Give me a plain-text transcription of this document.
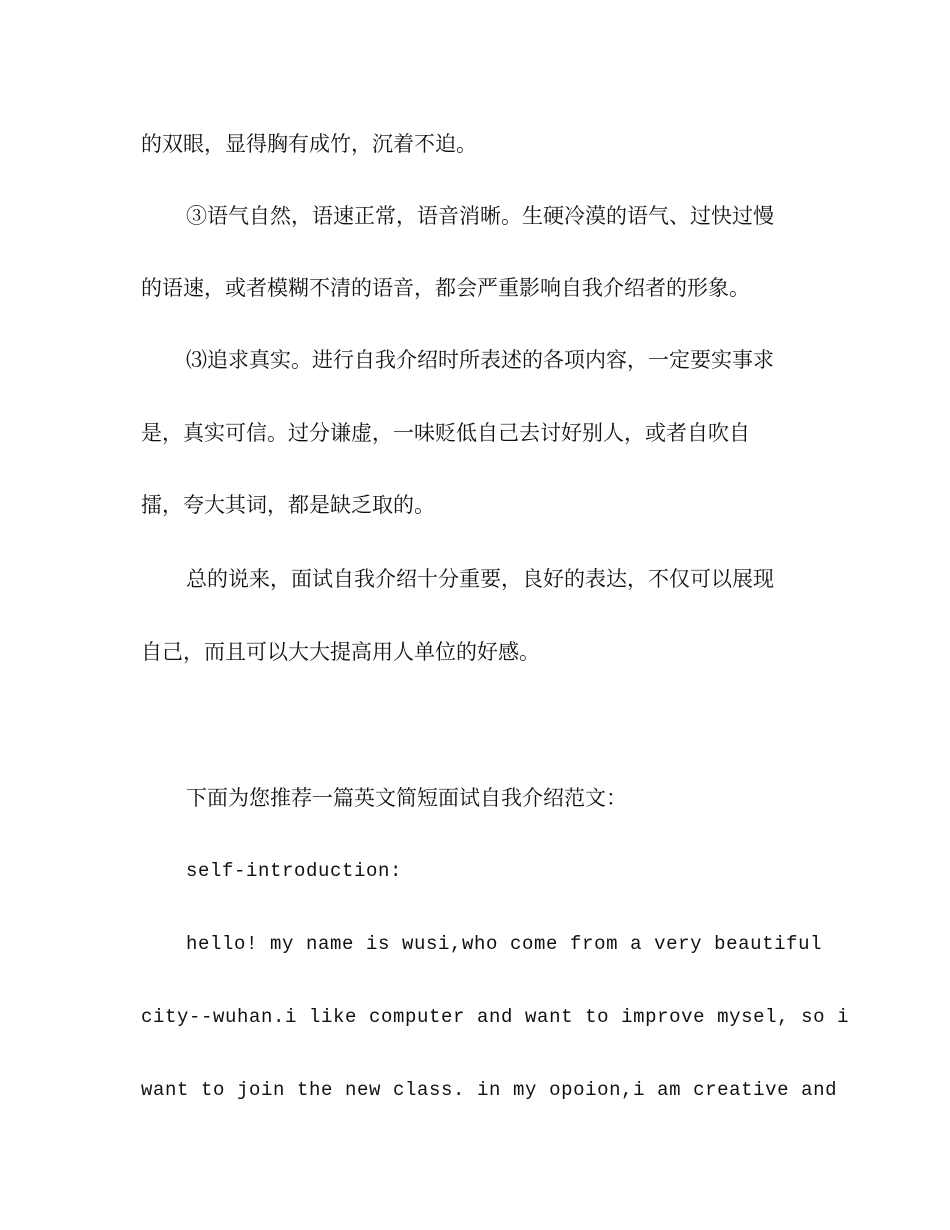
的双眼，显得胸有成竹，沉着不迫。
③语气自然，语速正常，语音消晰。生硬冷漠的语气、过快过慢
的语速，或者模糊不清的语音，都会严重影响自我介绍者的形象。
⑶追求真实。进行自我介绍时所表述的各项内容，一定要实事求
是，真实可信。过分谦虚，一味贬低自己去讨好别人，或者自吹自
擂，夸大其词，都是缺乏取的。
总的说来，面试自我介绍十分重要，良好的表达，不仅可以展现
自己，而且可以大大提高用人单位的好感。
下面为您推荐一篇英文简短面试自我介绍范文：
self-introduction:
hello! my name is wusi,who come from a very beautiful
city--wuhan.i like computer and want to improve mysel, so i
want to join the new class. in my opoion,i am creative and
